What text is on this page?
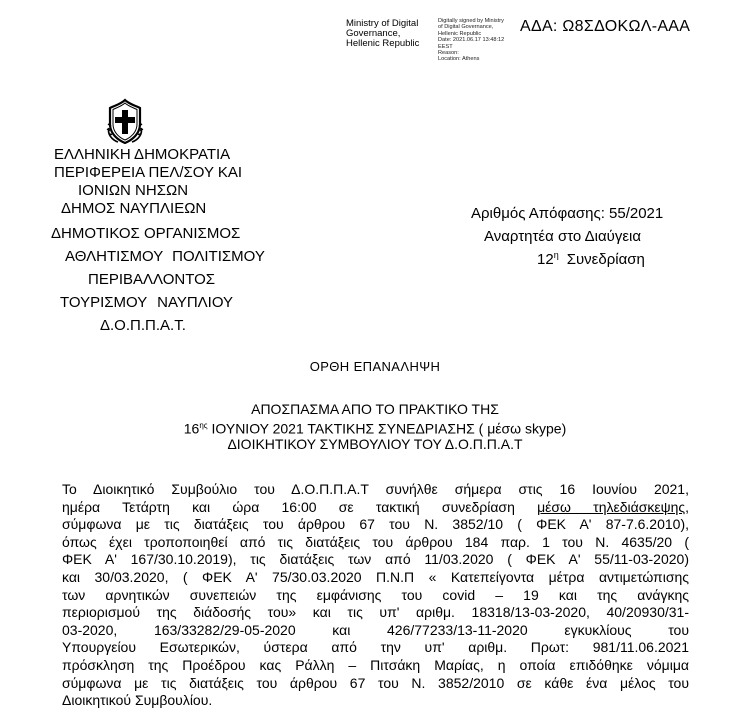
ΑΔΑ: Ω8ΣΔΟΚΩΛ-ΑΑΑ
Ministry of Digital
Governance,
Hellenic Republic
Digitally signed by Ministry
of Digital Governance,
Hellenic Republic
Date: 2021.06.17 13:48:12
EEST
Reason:
Location: Athens
ΕΛΛΗΝΙΚΗ ΔΗΜΟΚΡΑΤΙΑ
ΠΕΡΙΦΕΡΕΙΑ ΠΕΛ/ΣΟΥ ΚΑΙ
ΙΟΝΙΩΝ ΝΗΣΩΝ
ΔΗΜΟΣ ΝΑΥΠΛΙΕΩΝ
ΔΗΜΟΤΙΚΟΣ ΟΡΓΑΝΙΣΜΟΣ
ΑΘΛΗΤΙΣΜΟΥ ΠΟΛΙΤΙΣΜΟΥ
ΠΕΡΙΒΑΛΛΟΝΤΟΣ
ΤΟΥΡΙΣΜΟΥ ΝΑΥΠΛΙΟΥ
Δ.Ο.Π.Π.Α.Τ.
Αριθμός Απόφασης: 55/2021
Αναρτητέα στο Διαύγεια
$12^\eta$ Συνεδρίαση
ΟΡΘΗ ΕΠΑΝΑΛΗΨΗ
ΑΠΟΣΠΑΣΜΑ ΑΠΟ ΤΟ ΠΡΑΚΤΙΚΟ ΤΗΣ
$16^{\eta\varsigma}$ ΙΟΥΝΙΟΥ 2021 ΤΑΚΤΙΚΗΣ ΣΥΝΕΔΡΙΑΣΗΣ ( μέσω skype)
ΔΙΟΙΚΗΤΙΚΟΥ ΣΥΜΒΟΥΛΙΟΥ ΤΟΥ Δ.Ο.Π.Π.Α.Τ
Το Διοικητικό Συμβούλιο του Δ.Ο.Π.Π.Α.Τ συνήλθε σήμερα στις 16 Ιουνίου 2021,
ημέρα Τετάρτη και ώρα 16:00 σε τακτική συνεδρίαση μέσω τηλεδιάσκεψης,
σύμφωνα με τις διατάξεις του άρθρου 67 του Ν. 3852/10 ( ΦΕΚ Α' 87-7.6.2010),
όπως έχει τροποποιηθεί από τις διατάξεις του άρθρου 184 παρ. 1 του Ν. 4635/20 (
ΦΕΚ Α' 167/30.10.2019), τις διατάξεις των από 11/03.2020 ( ΦΕΚ Α' 55/11-03-2020)
και 30/03.2020, ( ΦΕΚ Α' 75/30.03.2020 Π.Ν.Π « Κατεπείγοντα μέτρα αντιμετώπισης
των αρνητικών συνεπειών της εμφάνισης του covid – 19 και της ανάγκης
περιορισμού της διάδοσής του» και τις υπ' αριθμ. 18318/13-03-2020, 40/20930/31-
03-2020, 163/33282/29-05-2020 και 426/77233/13-11-2020 εγκυκλίους του
Υπουργείου Εσωτερικών, ύστερα από την υπ' αριθμ. Πρωτ: 981/11.06.2021
πρόσκληση της Προέδρου κας Ράλλη – Πιτσάκη Μαρίας, η οποία επιδόθηκε νόμιμα
σύμφωνα με τις διατάξεις του άρθρου 67 του Ν. 3852/2010 σε κάθε ένα μέλος του
Διοικητικού Συμβουλίου.
